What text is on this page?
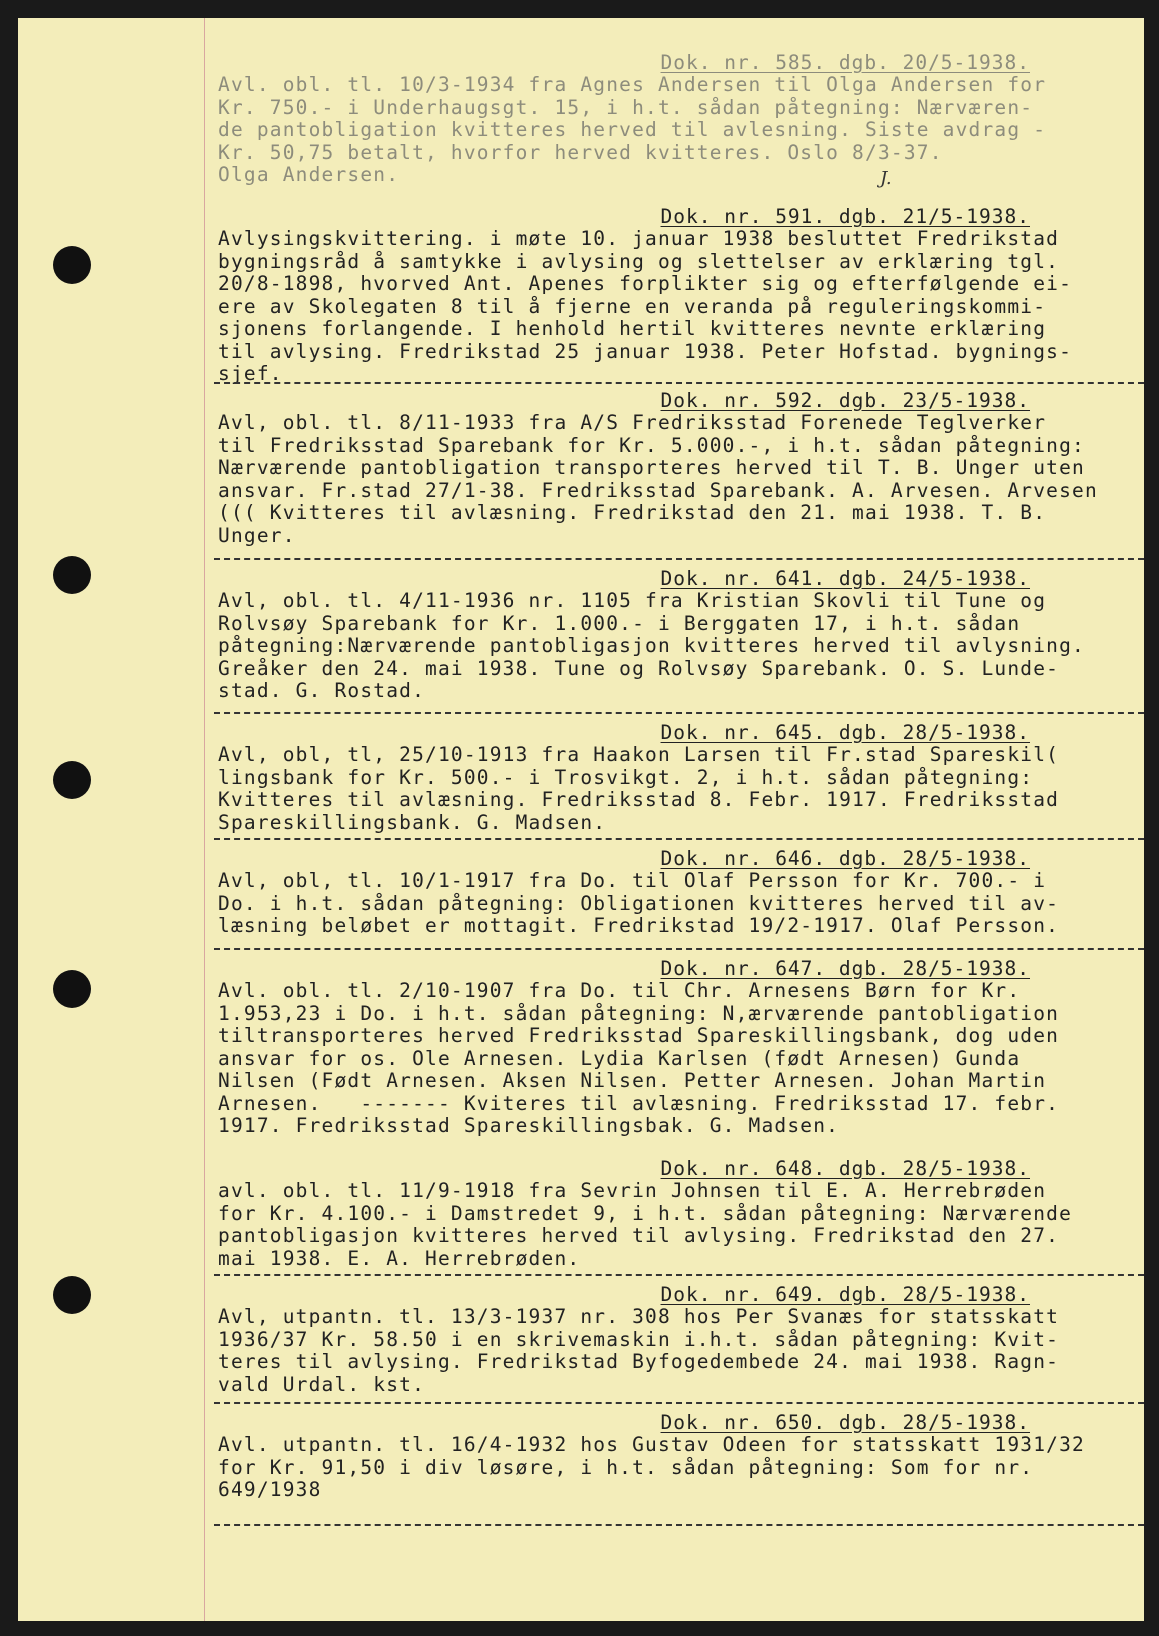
Dok. nr. 585. dgb. 20/5-1938.
Avl. obl. tl. 10/3-1934 fra Agnes Andersen til Olga Andersen for
Kr. 750.- i Underhaugsgt. 15, i h.t. sådan påtegning: Nærværen-
de pantobligation kvitteres herved til avlesning. Siste avdrag -
Kr. 50,75 betalt, hvorfor herved kvitteres. Oslo 8/3-37.
Olga Andersen.	J.
Dok. nr. 591. dgb. 21/5-1938.
Avlysingskvittering. i møte 10. januar 1938 besluttet Fredrikstad
bygningsråd å samtykke i avlysing og slettelser av erklæring tgl.
20/8-1898, hvorved Ant. Apenes forplikter sig og efterfølgende ei-
ere av Skolegaten 8 til å fjerne en veranda på reguleringskommi-
sjonens forlangende. I henhold hertil kvitteres nevnte erklæring
til avlysing. Fredrikstad 25 januar 1938. Peter Hofstad. bygnings-
sjef.
Dok. nr. 592. dgb. 23/5-1938.
Avl, obl. tl. 8/11-1933 fra A/S Fredriksstad Forenede Teglverker
til Fredriksstad Sparebank for Kr. 5.000.-, i h.t. sådan påtegning:
Nærværende pantobligation transporteres herved til T. B. Unger uten
ansvar. Fr.stad 27/1-38. Fredriksstad Sparebank. A. Arvesen. Arvesen
((( Kvitteres til avlæsning. Fredrikstad den 21. mai 1938. T. B.
Unger.
Dok. nr. 641. dgb. 24/5-1938.
Avl, obl. tl. 4/11-1936 nr. 1105 fra Kristian Skovli til Tune og
Rolvsøy Sparebank for Kr. 1.000.- i Berggaten 17, i h.t. sådan
påtegning:Nærværende pantobligasjon kvitteres herved til avlysning.
Greåker den 24. mai 1938. Tune og Rolvsøy Sparebank. O. S. Lunde-
stad. G. Rostad.
Dok. nr. 645. dgb. 28/5-1938.
Avl, obl, tl, 25/10-1913 fra Haakon Larsen til Fr.stad Spareskil(
lingsbank for Kr. 500.- i Trosvikgt. 2, i h.t. sådan påtegning:
Kvitteres til avlæsning. Fredriksstad 8. Febr. 1917. Fredriksstad
Spareskillingsbank. G. Madsen.
Dok. nr. 646. dgb. 28/5-1938.
Avl, obl, tl. 10/1-1917 fra Do. til Olaf Persson for Kr. 700.- i
Do. i h.t. sådan påtegning: Obligationen kvitteres herved til av-
læsning beløbet er mottagit. Fredrikstad 19/2-1917. Olaf Persson.
Dok. nr. 647. dgb. 28/5-1938.
Avl. obl. tl. 2/10-1907 fra Do. til Chr. Arnesens Børn for Kr.
1.953,23 i Do. i h.t. sådan påtegning: N,ærværende pantobligation
tiltransporteres herved Fredriksstad Spareskillingsbank, dog uden
ansvar for os. Ole Arnesen. Lydia Karlsen (født Arnesen) Gunda
Nilsen (Født Arnesen. Aksen Nilsen. Petter Arnesen. Johan Martin
Arnesen.   ------- Kviteres til avlæsning. Fredriksstad 17. febr.
1917. Fredriksstad Spareskillingsbak. G. Madsen.
Dok. nr. 648. dgb. 28/5-1938.
avl. obl. tl. 11/9-1918 fra Sevrin Johnsen til E. A. Herrebrøden
for Kr. 4.100.- i Damstredet 9, i h.t. sådan påtegning: Nærværende
pantobligasjon kvitteres herved til avlysing. Fredrikstad den 27.
mai 1938. E. A. Herrebrøden.
Dok. nr. 649. dgb. 28/5-1938.
Avl, utpantn. tl. 13/3-1937 nr. 308 hos Per Svanæs for statsskatt
1936/37 Kr. 58.50 i en skrivemaskin i.h.t. sådan påtegning: Kvit-
teres til avlysing. Fredrikstad Byfogedembede 24. mai 1938. Ragn-
vald Urdal. kst.
Dok. nr. 650. dgb. 28/5-1938.
Avl. utpantn. tl. 16/4-1932 hos Gustav Odeen for statsskatt 1931/32
for Kr. 91,50 i div løsøre, i h.t. sådan påtegning: Som for nr.
649/1938
